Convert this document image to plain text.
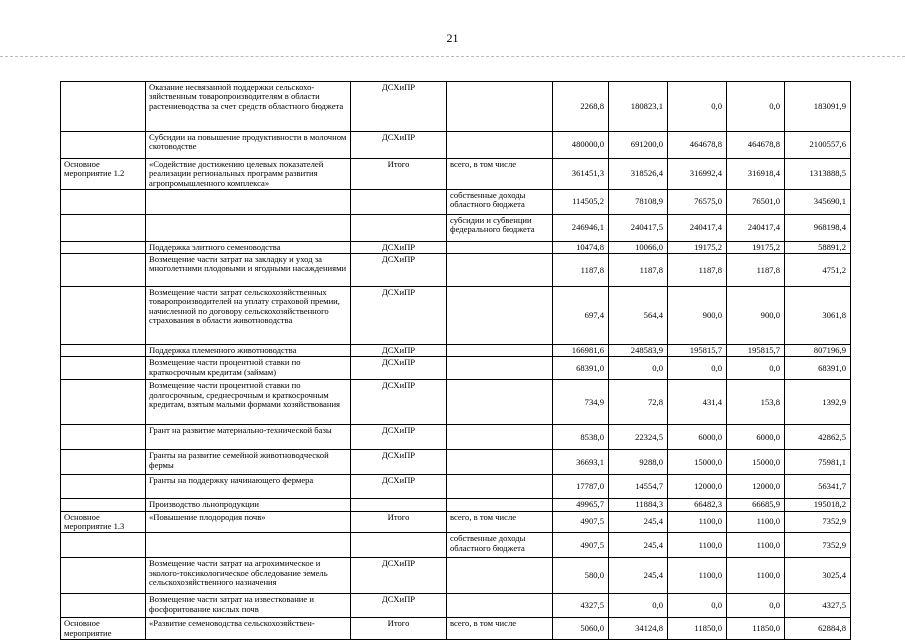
21
	Оказание несвязанной поддержки сельскохо-зяйственным товаропроизводителям в области растениеводства за счет средств областного бюджета	ДСХиПР		2268,8	180823,1	0,0	0,0	183091,9
	Субсидии на повышение продуктивности в молочном скотоводстве	ДСХиПР		480000,0	691200,0	464678,8	464678,8	2100557,6
Основное мероприятие 1.2	«Содействие достижению целевых показателей реализации региональных программ развития агропромышленного комплекса»	Итого	всего, в том числе	361451,3	318526,4	316992,4	316918,4	1313888,5
			собственные доходы областного бюджета	114505,2	78108,9	76575,0	76501,0	345690,1
			субсидии и субвенции федерального бюджета	246946,1	240417,5	240417,4	240417,4	968198,4
	Поддержка элитного семеноводства	ДСХиПР		10474,8	10066,0	19175,2	19175,2	58891,2
	Возмещение части затрат на закладку и уход за многолетними плодовыми и ягодными насаждениями	ДСХиПР		1187,8	1187,8	1187,8	1187,8	4751,2
	Возмещение части затрат сельскохозяйственных товаропроизводителей на уплату страховой премии, начисленной по договору сельскохозяйственного страхования в области животноводства	ДСХиПР		697,4	564,4	900,0	900,0	3061,8
	Поддержка племенного животноводства	ДСХиПР		166981,6	248583,9	195815,7	195815,7	807196,9
	Возмещение части процентной ставки по краткосрочным кредитам (займам)	ДСХиПР		68391,0	0,0	0,0	0,0	68391,0
	Возмещение части процентной ставки по долгосрочным, среднесрочным и краткосрочным кредитам, взятым малыми формами хозяйствования	ДСХиПР		734,9	72,8	431,4	153,8	1392,9
	Грант на развитие материально-технической базы	ДСХиПР		8538,0	22324,5	6000,0	6000,0	42862,5
	Гранты на развитие семейной животноводческой фермы	ДСХиПР		36693,1	9288,0	15000,0	15000,0	75981,1
	Гранты на поддержку начинающего фермера	ДСХиПР		17787,0	14554,7	12000,0	12000,0	56341,7
	Производство льнопродукции			49965,7	11884,3	66482,3	66685,9	195018,2
Основное мероприятие 1.3	«Повышение плодородия почв»	Итого	всего, в том числе	4907,5	245,4	1100,0	1100,0	7352,9
			собственные доходы областного бюджета	4907,5	245,4	1100,0	1100,0	7352,9
	Возмещение части затрат на агрохимическое и эколого-токсикологическое обследование земель сельскохозяйственного назначения	ДСХиПР		580,0	245,4	1100,0	1100,0	3025,4
	Возмещение части затрат на известкование и фосфоритование кислых почв	ДСХиПР		4327,5	0,0	0,0	0,0	4327,5
Основное мероприятие	«Развитие семеноводства сельскохозяйствен-	Итого	всего, в том числе	5060,0	34124,8	11850,0	11850,0	62884,8
